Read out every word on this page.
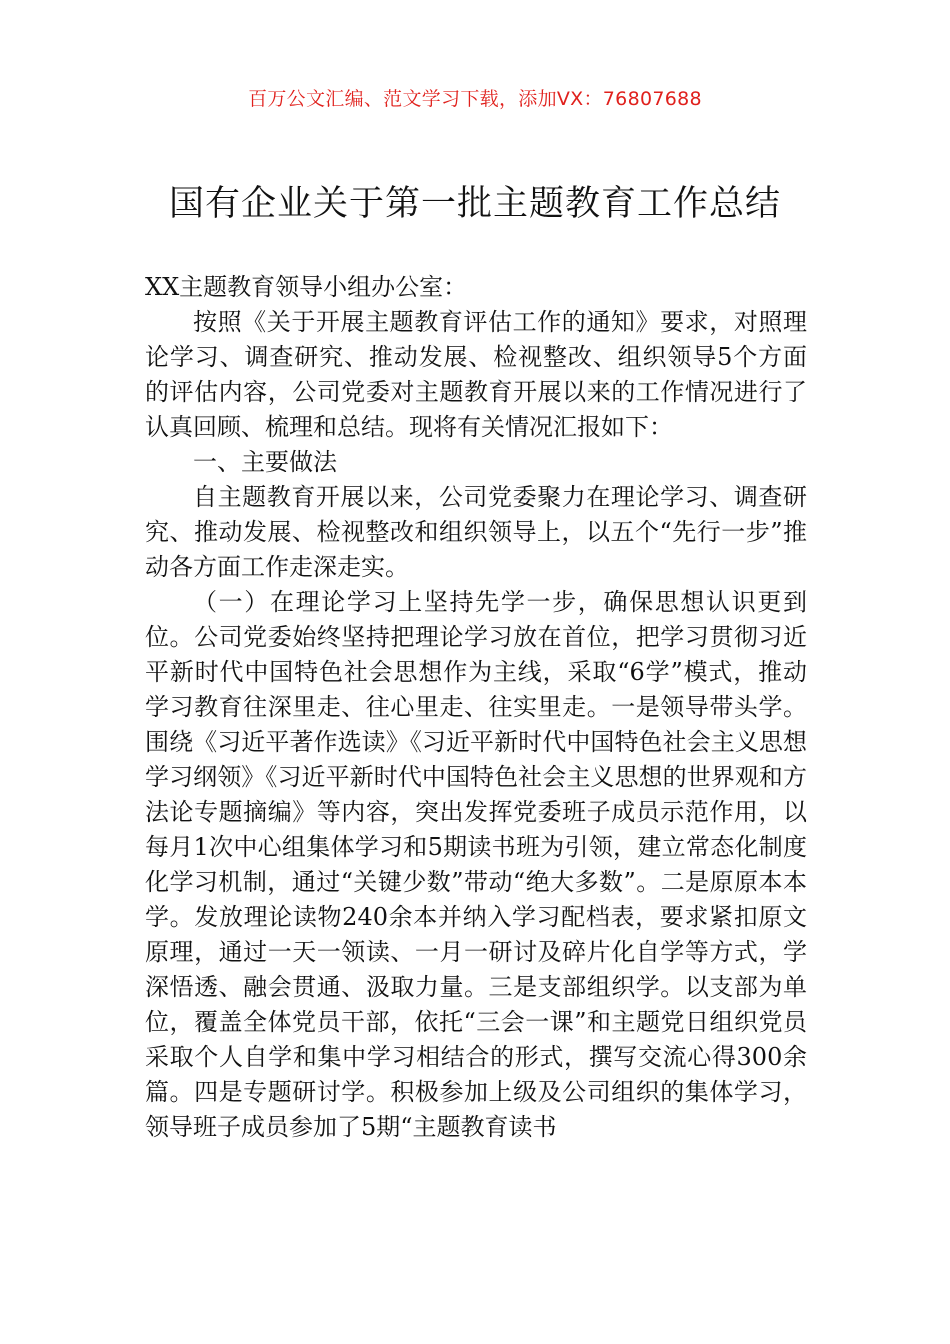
百万公文汇编、范文学习下载，添加VX：76807688
国有企业关于第一批主题教育工作总结

XX主题教育领导小组办公室：

按照《关于开展主题教育评估工作的通知》要求，对照理论学习、调查研究、推动发展、检视整改、组织领导5个方面的评估内容，公司党委对主题教育开展以来的工作情况进行了认真回顾、梳理和总结。现将有关情况汇报如下：

一、主要做法

自主题教育开展以来，公司党委聚力在理论学习、调查研究、推动发展、检视整改和组织领导上，以五个“先行一步”推动各方面工作走深走实。

（一）在理论学习上坚持先学一步，确保思想认识更到位。公司党委始终坚持把理论学习放在首位，把学习贯彻习近平新时代中国特色社会思想作为主线，采取“6学”模式，推动学习教育往深里走、往心里走、往实里走。一是领导带头学。围绕《习近平著作选读》《习近平新时代中国特色社会主义思想学习纲领》《习近平新时代中国特色社会主义思想的世界观和方法论专题摘编》等内容，突出发挥党委班子成员示范作用，以每月1次中心组集体学习和5期读书班为引领，建立常态化制度化学习机制，通过“关键少数”带动“绝大多数”。二是原原本本学。发放理论读物240余本并纳入学习配档表，要求紧扣原文原理，通过一天一领读、一月一研讨及碎片化自学等方式，学深悟透、融会贯通、汲取力量。三是支部组织学。以支部为单位，覆盖全体党员干部，依托“三会一课”和主题党日组织党员采取个人自学和集中学习相结合的形式，撰写交流心得300余篇。四是专题研讨学。积极参加上级及公司组织的集体学习，领导班子成员参加了5期“主题教育读书
